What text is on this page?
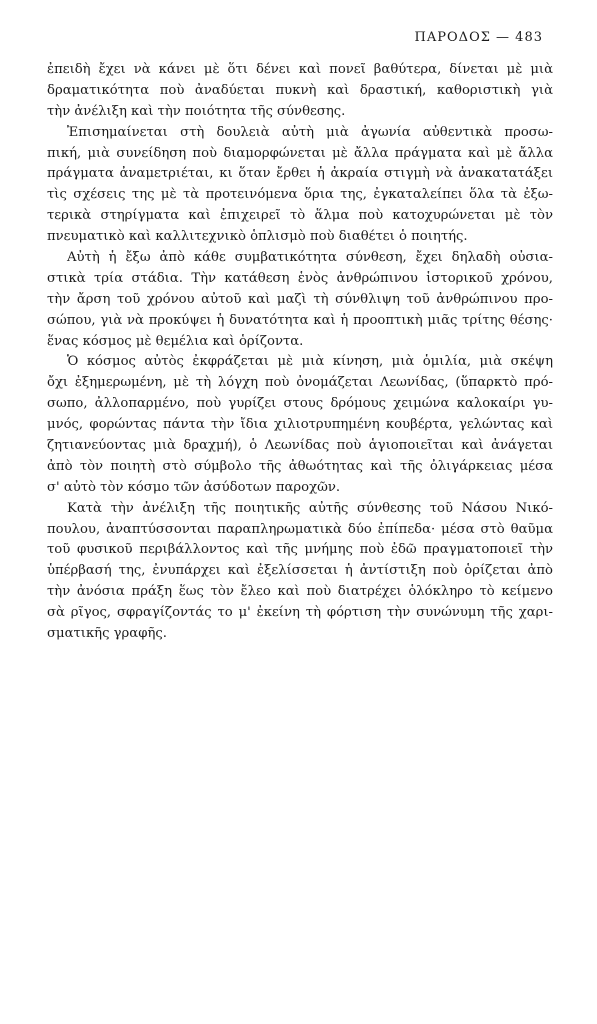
ΠΑΡΟΔΟΣ — 483
ἐπειδὴ ἔχει νὰ κάνει μὲ ὅτι δένει καὶ πονεῖ βαθύτερα, δίνεται μὲ μιὰ
δραματικότητα ποὺ ἀναδύεται πυκνὴ καὶ δραστική, καθοριστικὴ γιὰ
τὴν ἀνέλιξη καὶ τὴν ποιότητα τῆς σύνθεσης.
Ἐπισημαίνεται στὴ δουλειὰ αὐτὴ μιὰ ἀγωνία αὐθεντικὰ προσω-
πική, μιὰ συνείδηση ποὺ διαμορφώνεται μὲ ἄλλα πράγματα καὶ μὲ ἄλλα
πράγματα ἀναμετριέται, κι ὅταν ἔρθει ἡ ἀκραία στιγμὴ νὰ ἀνακατατάξει
τὶς σχέσεις της μὲ τὰ προτεινόμενα ὅρια της, ἐγκαταλείπει ὅλα τὰ ἐξω-
τερικὰ στηρίγματα καὶ ἐπιχειρεῖ τὸ ἅλμα ποὺ κατοχυρώνεται μὲ τὸν
πνευματικὸ καὶ καλλιτεχνικὸ ὁπλισμὸ ποὺ διαθέτει ὁ ποιητής.
Αὐτὴ ἡ ἔξω ἀπὸ κάθε συμβατικότητα σύνθεση, ἔχει δηλαδὴ οὐσια-
στικὰ τρία στάδια. Τὴν κατάθεση ἑνὸς ἀνθρώπινου ἱστορικοῦ χρόνου,
τὴν ἄρση τοῦ χρόνου αὐτοῦ καὶ μαζὶ τὴ σύνθλιψη τοῦ ἀνθρώπινου προ-
σώπου, γιὰ νὰ προκύψει ἡ δυνατότητα καὶ ἡ προοπτικὴ μιᾶς τρίτης θέσης·
ἕνας κόσμος μὲ θεμέλια καὶ ὁρίζοντα.
Ὁ κόσμος αὐτὸς ἐκφράζεται μὲ μιὰ κίνηση, μιὰ ὁμιλία, μιὰ σκέψη
ὄχι ἐξημερωμένη, μὲ τὴ λόγχη ποὺ ὀνομάζεται Λεωνίδας, (ὕπαρκτὸ πρό-
σωπο, ἀλλοπαρμένο, ποὺ γυρίζει στους δρόμους χειμώνα καλοκαίρι γυ-
μνός, φορώντας πάντα τὴν ἴδια χιλιοτρυπημένη κουβέρτα, γελώντας καὶ
ζητιανεύοντας μιὰ δραχμή), ὁ Λεωνίδας ποὺ ἁγιοποιεῖται καὶ ἀνάγεται
ἀπὸ τὸν ποιητὴ στὸ σύμβολο τῆς ἀθωότητας καὶ τῆς ὀλιγάρκειας μέσα
σ' αὐτὸ τὸν κόσμο τῶν ἀσύδοτων παροχῶν.
Κατὰ τὴν ἀνέλιξη τῆς ποιητικῆς αὐτῆς σύνθεσης τοῦ Νάσου Νικό-
πουλου, ἀναπτύσσονται παραπληρωματικὰ δύο ἐπίπεδα· μέσα στὸ θαῦμα
τοῦ φυσικοῦ περιβάλλοντος καὶ τῆς μνήμης ποὺ ἐδῶ πραγματοποιεῖ τὴν
ὑπέρβασή της, ἐνυπάρχει καὶ ἐξελίσσεται ἡ ἀντίστιξη ποὺ ὁρίζεται ἀπὸ
τὴν ἀνόσια πράξη ἕως τὸν ἔλεο καὶ ποὺ διατρέχει ὁλόκληρο τὸ κείμενο
σὰ ρῖγος, σφραγίζοντάς το μ' ἐκείνη τὴ φόρτιση τὴν συνώνυμη τῆς χαρι-
σματικῆς γραφῆς.
